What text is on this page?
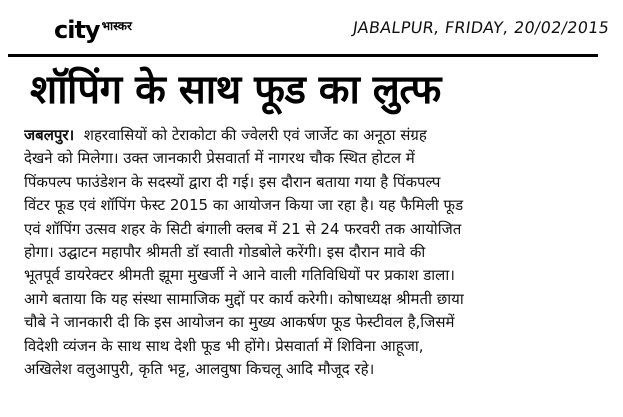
city भास्कर	JABALPUR, FRIDAY, 20/02/2015
शॉपिंग के साथ फूड का लुत्फ
जबलपुर। शहरवासियों को टेराकोटा की ज्वेलरी एवं जार्जेट का अनूठा संग्रह
देखने को मिलेगा। उक्त जानकारी प्रेसवार्ता में नागरथ चौक स्थित होटल में
पिंकपल्प फाउंडेशन के सदस्यों द्वारा दी गई। इस दौरान बताया गया है पिंकपल्प
विंटर फूड एवं शॉपिंग फेस्ट 2015 का आयोजन किया जा रहा है। यह फैमिली फूड
एवं शॉपिंग उत्सव शहर के सिटी बंगाली क्लब में 21 से 24 फरवरी तक आयोजित
होगा। उद्घाटन महापौर श्रीमती डॉ स्वाती गोडबोले करेंगी। इस दौरान मावे की
भूतपूर्व डायरेक्टर श्रीमती झूमा मुखर्जी ने आने वाली गतिविधियों पर प्रकाश डाला।
आगे बताया कि यह संस्था सामाजिक मुद्दों पर कार्य करेगी। कोषाध्यक्ष श्रीमती छाया
चौबे ने जानकारी दी कि इस आयोजन का मुख्य आकर्षण फूड फेस्टीवल है,जिसमें
विदेशी व्यंजन के साथ साथ देशी फूड भी होंगे। प्रेसवार्ता में शिविना आहूजा,
अखिलेश वलुआपुरी, कृति भट्ट, आलवुषा किचलू आदि मौजूद रहे।
